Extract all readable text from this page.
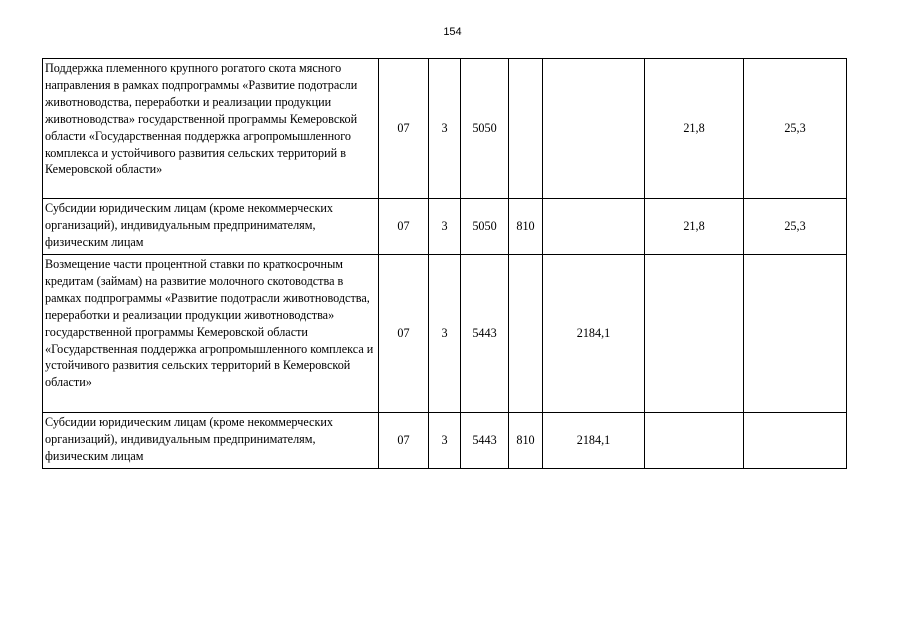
154
Поддержка племенного крупного рогатого скота мясного направления в рамках подпрограммы «Развитие подотрасли животноводства, переработки и реализации продукции животноводства» государственной программы Кемеровской области «Государственная поддержка агропромышленного комплекса и устойчивого развития сельских территорий в Кемеровской области»	07	3	5050			21,8	25,3
Субсидии юридическим лицам (кроме некоммерческих организаций), индивидуальным предпринимателям, физическим лицам	07	3	5050	810		21,8	25,3
Возмещение части процентной ставки по краткосрочным кредитам (займам) на развитие молочного скотоводства в рамках подпрограммы «Развитие подотрасли животноводства, переработки и реализации продукции животноводства» государственной программы Кемеровской области «Государственная поддержка агропромышленного комплекса и устойчивого развития сельских территорий в Кемеровской области»	07	3	5443		2184,1		
Субсидии юридическим лицам (кроме некоммерческих организаций), индивидуальным предпринимателям, физическим лицам	07	3	5443	810	2184,1		
